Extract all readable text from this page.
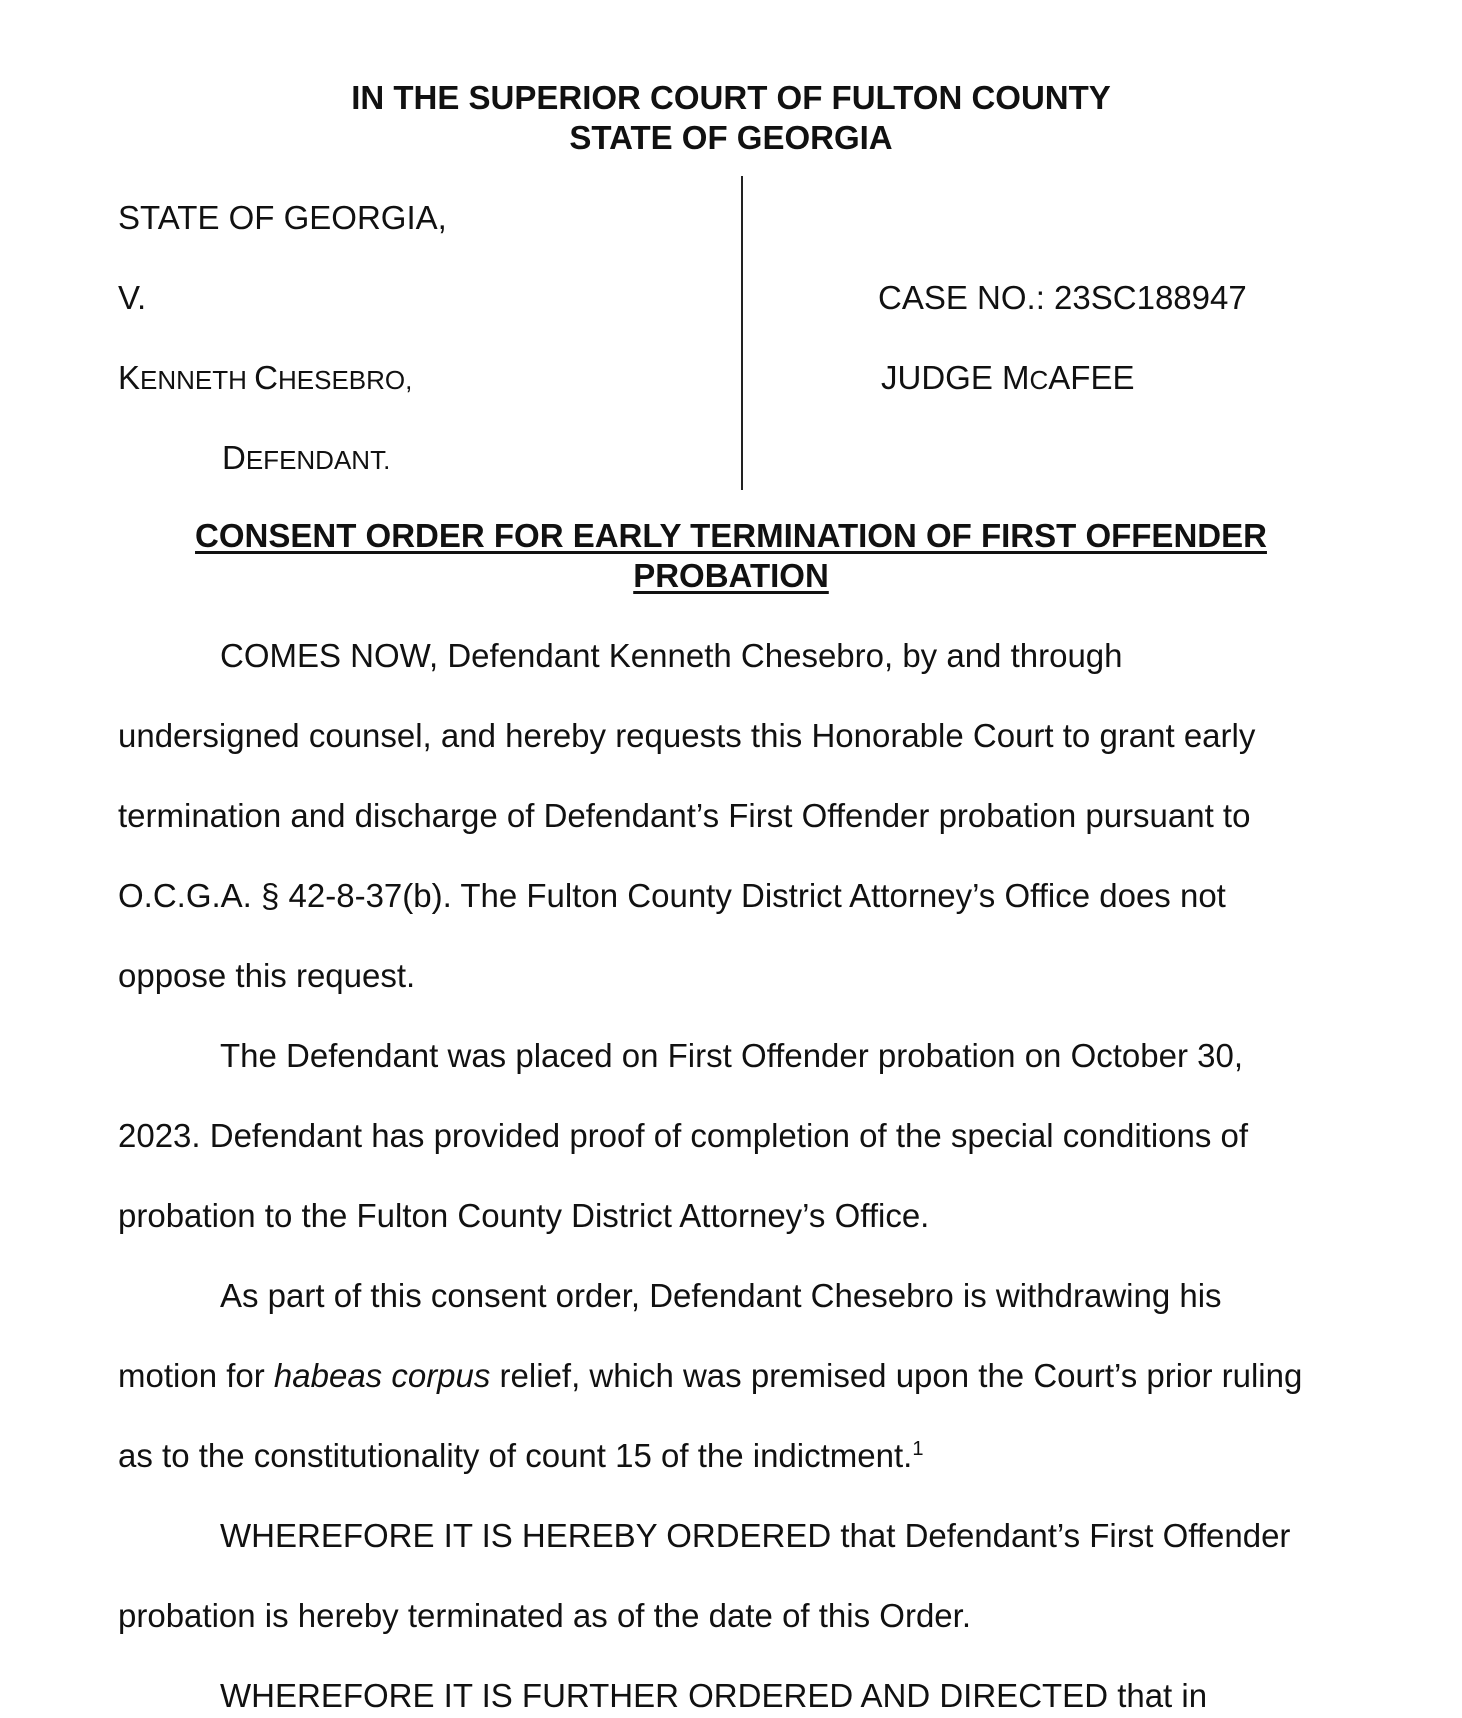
IN THE SUPERIOR COURT OF FULTON COUNTY

STATE OF GEORGIA

STATE OF GEORGIA,

V.

KENNETH CHESEBRO,

DEFENDANT.

CASE NO.: 23SC188947

JUDGE MCAFEE

CONSENT ORDER FOR EARLY TERMINATION OF FIRST OFFENDER

PROBATION

COMES NOW, Defendant Kenneth Chesebro, by and through

undersigned counsel, and hereby requests this Honorable Court to grant early

termination and discharge of Defendant’s First Offender probation pursuant to

O.C.G.A. § 42-8-37(b). The Fulton County District Attorney’s Office does not

oppose this request.

The Defendant was placed on First Offender probation on October 30,

2023. Defendant has provided proof of completion of the special conditions of

probation to the Fulton County District Attorney’s Office.

As part of this consent order, Defendant Chesebro is withdrawing his

motion for habeas corpus relief, which was premised upon the Court’s prior ruling

as to the constitutionality of count 15 of the indictment.$^1$

WHEREFORE IT IS HEREBY ORDERED that Defendant’s First Offender

probation is hereby terminated as of the date of this Order.

WHEREFORE IT IS FURTHER ORDERED AND DIRECTED that in
